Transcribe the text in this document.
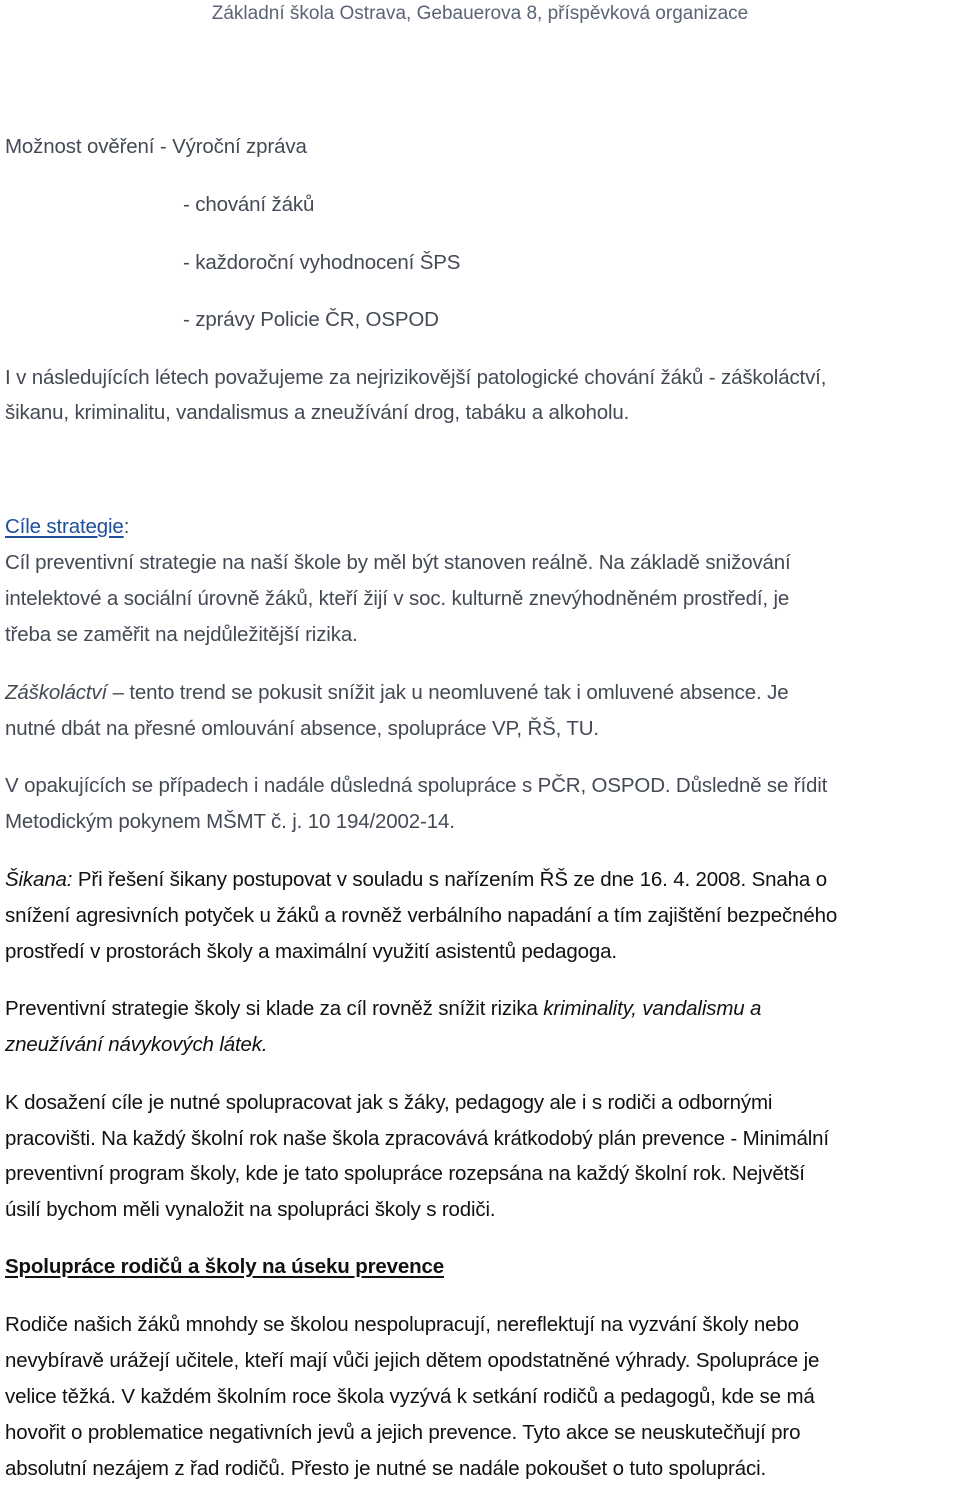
Základní škola Ostrava, Gebauerova 8, příspěvková organizace
Možnost ověření - Výroční zpráva
- chování žáků
- každoroční vyhodnocení ŠPS
- zprávy Policie ČR, OSPOD
I v následujících létech považujeme za nejrizikovější patologické chování žáků - záškoláctví,
šikanu, kriminalitu, vandalismus a zneužívání drog, tabáku a alkoholu.
Cíle strategie:
Cíl preventivní strategie na naší škole by měl být stanoven reálně. Na základě snižování
intelektové a sociální úrovně žáků, kteří žijí v soc. kulturně znevýhodněném prostředí, je
třeba se zaměřit na nejdůležitější rizika.
Záškoláctví – tento trend se pokusit snížit jak u neomluvené tak i omluvené absence. Je
nutné dbát na přesné omlouvání absence, spolupráce VP, ŘŠ, TU.
V opakujících se případech i nadále důsledná spolupráce s PČR, OSPOD. Důsledně se řídit
Metodickým pokynem MŠMT č. j. 10 194/2002-14.
Šikana: Při řešení šikany postupovat v souladu s nařízením ŘŠ ze dne 16. 4. 2008. Snaha o
snížení agresivních potyček u žáků a rovněž verbálního napadání a tím zajištění bezpečného
prostředí v prostorách školy a maximální využití asistentů pedagoga.
Preventivní strategie školy si klade za cíl rovněž snížit rizika kriminality, vandalismu a
zneužívání návykových látek.
K dosažení cíle je nutné spolupracovat jak s žáky, pedagogy ale i s rodiči a odbornými
pracovišti. Na každý školní rok naše škola zpracovává krátkodobý plán prevence - Minimální
preventivní program školy, kde je tato spolupráce rozepsána na každý školní rok. Největší
úsilí bychom měli vynaložit na spolupráci školy s rodiči.
Spolupráce rodičů a školy na úseku prevence
Rodiče našich žáků mnohdy se školou nespolupracují, nereflektují na vyzvání školy nebo
nevybíravě urážejí učitele, kteří mají vůči jejich dětem opodstatněné výhrady. Spolupráce je
velice těžká. V každém školním roce škola vyzývá k setkání rodičů a pedagogů, kde se má
hovořit o problematice negativních jevů a jejich prevence. Tyto akce se neuskutečňují pro
absolutní nezájem z řad rodičů. Přesto je nutné se nadále pokoušet o tuto spolupráci.
